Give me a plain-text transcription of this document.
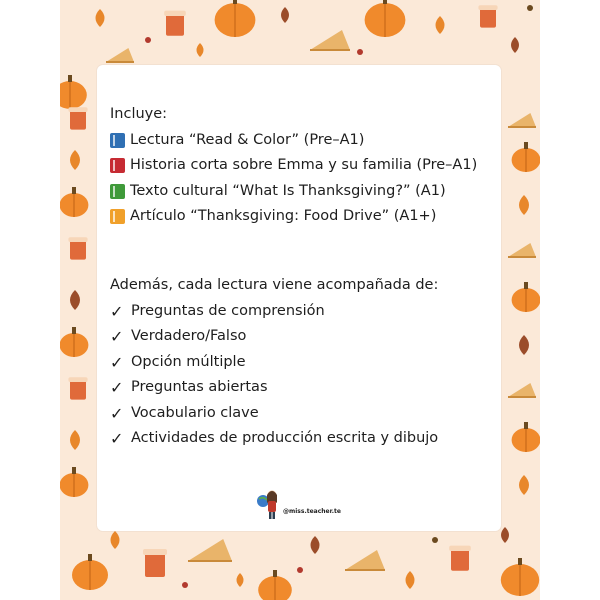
Incluye:
Lectura “Read & Color” (Pre–A1)
Historia corta sobre Emma y su familia (Pre–A1)
Texto cultural “What Is Thanksgiving?” (A1)
Artículo “Thanksgiving: Food Drive” (A1+)
Además, cada lectura viene acompañada de:
✓ Preguntas de comprensión
✓ Verdadero/Falso
✓ Opción múltiple
✓ Preguntas abiertas
✓ Vocabulario clave
✓ Actividades de producción escrita y dibujo
@miss.teacher.te
